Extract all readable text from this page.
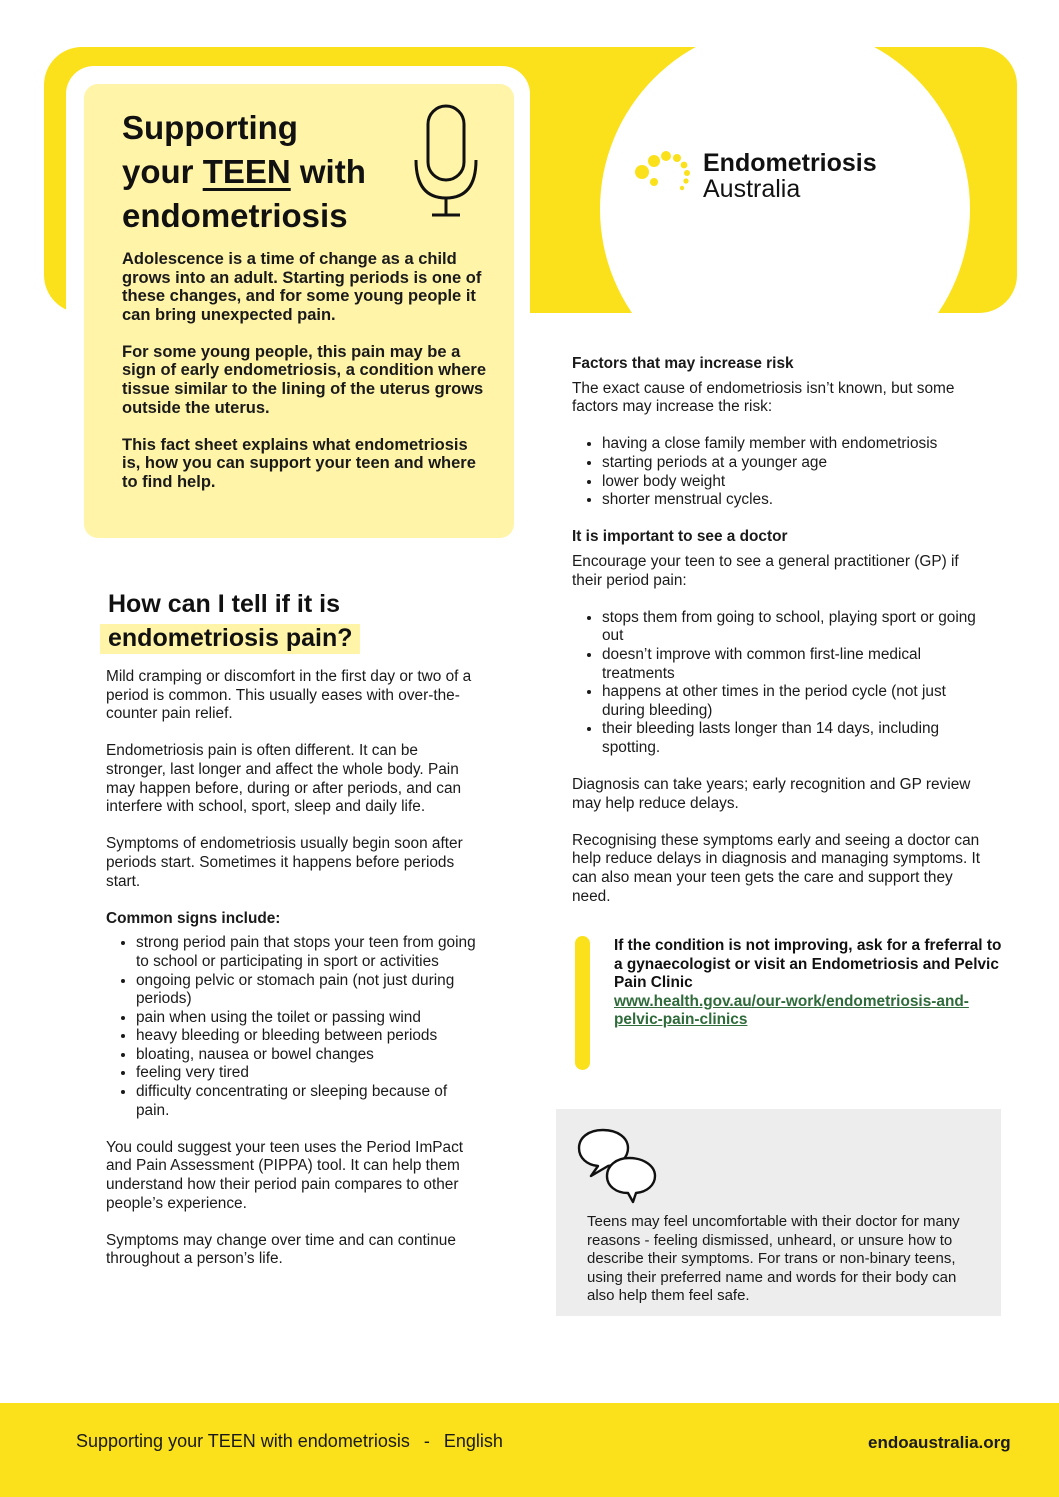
Supporting
your TEEN with
endometriosis

Adolescence is a time of change as a child grows into an adult. Starting periods is one of these changes, and for some young people it can bring unexpected pain.

For some young people, this pain may be a sign of early endometriosis, a condition where tissue similar to the lining of the uterus grows outside the uterus.

This fact sheet explains what endometriosis is, how you can support your teen and where to find help.

Endometriosis
Australia
How can I tell if it is
endometriosis pain?

Mild cramping or discomfort in the first day or two of a period is common. This usually eases with over-the-counter pain relief.

Endometriosis pain is often different. It can be stronger, last longer and affect the whole body. Pain may happen before, during or after periods, and can interfere with school, sport, sleep and daily life.

Symptoms of endometriosis usually begin soon after periods start. Sometimes it happens before periods start.

Common signs include:
• strong period pain that stops your teen from going to school or participating in sport or activities
• ongoing pelvic or stomach pain (not just during periods)
• pain when using the toilet or passing wind
• heavy bleeding or bleeding between periods
• bloating, nausea or bowel changes
• feeling very tired
• difficulty concentrating or sleeping because of pain.

You could suggest your teen uses the Period ImPact and Pain Assessment (PIPPA) tool. It can help them understand how their period pain compares to other people’s experience.

Symptoms may change over time and can continue throughout a person’s life.

Factors that may increase risk

The exact cause of endometriosis isn’t known, but some factors may increase the risk:

• having a close family member with endometriosis
• starting periods at a younger age
• lower body weight
• shorter menstrual cycles.
It is important to see a doctor

Encourage your teen to see a general practitioner (GP) if their period pain:

• stops them from going to school, playing sport or going out
• doesn’t improve with common first-line medical treatments
• happens at other times in the period cycle (not just during bleeding)
• their bleeding lasts longer than 14 days, including spotting.

Diagnosis can take years; early recognition and GP review may help reduce delays.

Recognising these symptoms early and seeing a doctor can help reduce delays in diagnosis and managing symptoms. It can also mean your teen gets the care and support they need.

If the condition is not improving, ask for a freferral to a gynaecologist or visit an Endometriosis and Pelvic Pain Clinic
www.health.gov.au/our-work/endometriosis-and-pelvic-pain-clinics
Teens may feel uncomfortable with their doctor for many reasons - feeling dismissed, unheard, or unsure how to describe their symptoms. For trans or non-binary teens, using their preferred name and words for their body can also help them feel safe.
Supporting your TEEN with endometriosis - English	endoaustralia.org
